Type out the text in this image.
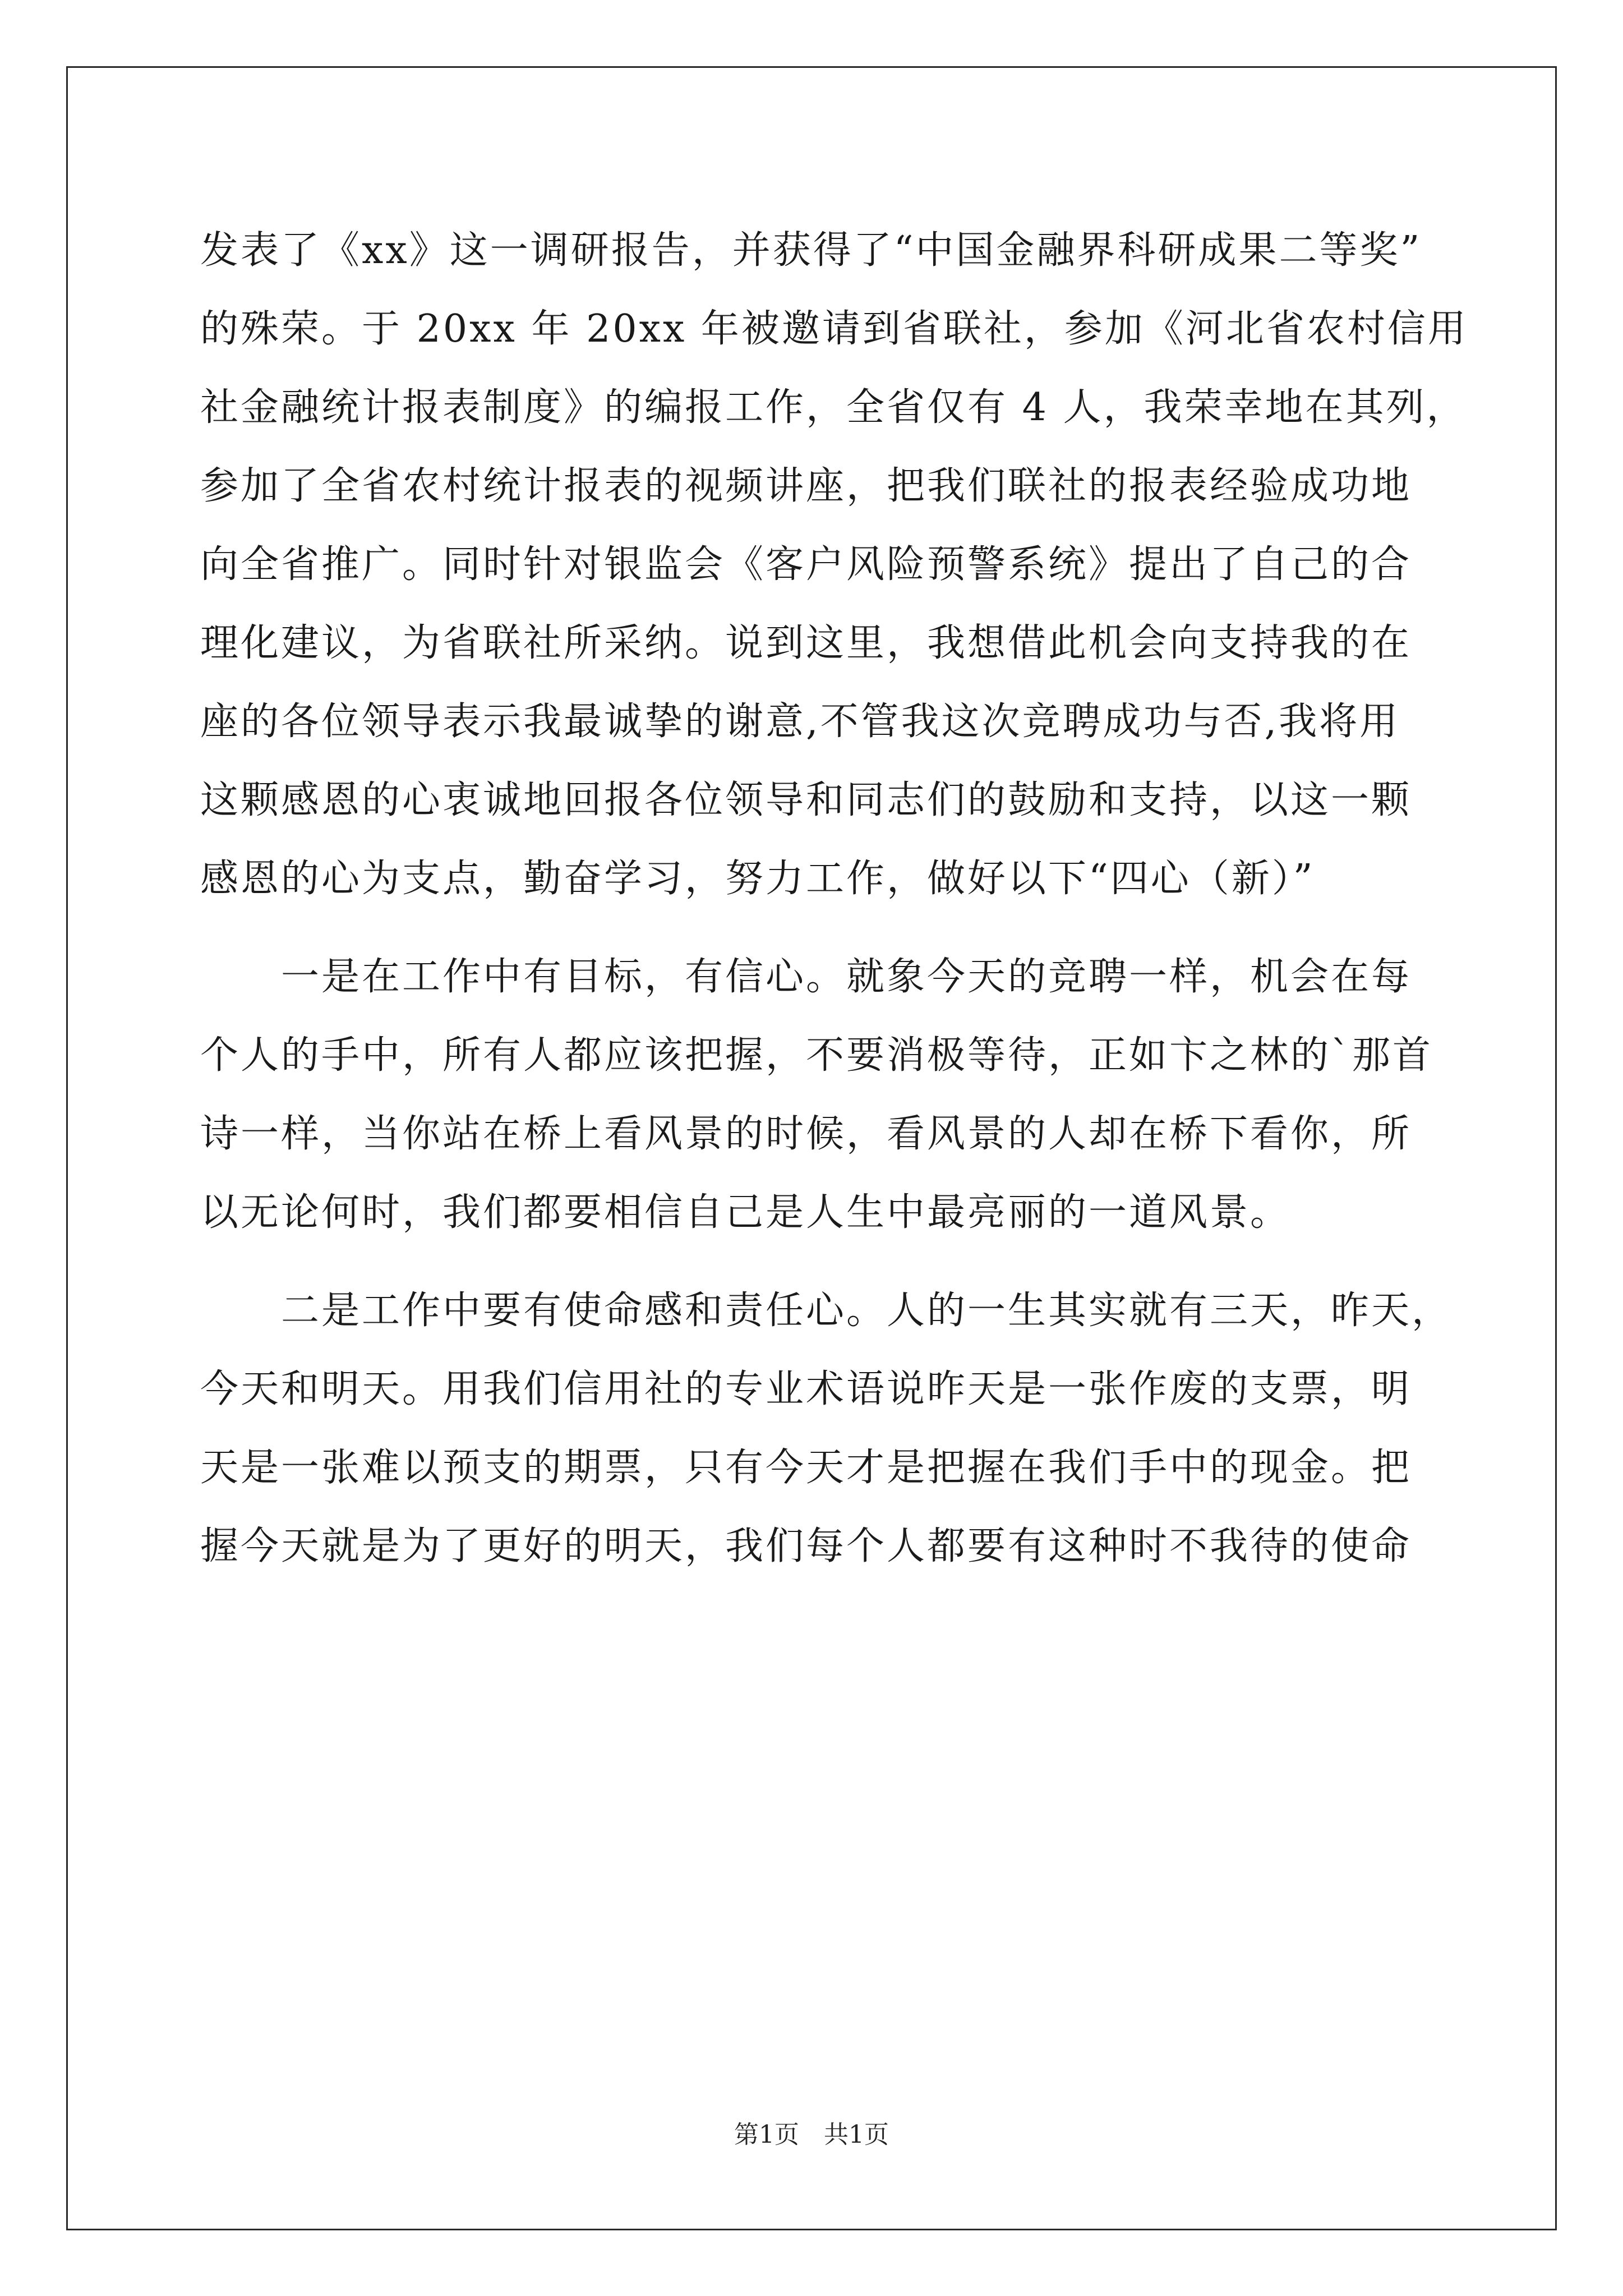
发表了《xx》这一调研报告，并获得了“中国金融界科研成果二等奖”
的殊荣。于 20xx 年 20xx 年被邀请到省联社，参加《河北省农村信用
社金融统计报表制度》的编报工作，全省仅有 4 人，我荣幸地在其列，
参加了全省农村统计报表的视频讲座，把我们联社的报表经验成功地
向全省推广。同时针对银监会《客户风险预警系统》提出了自己的合
理化建议，为省联社所采纳。说到这里，我想借此机会向支持我的在
座的各位领导表示我最诚挚的谢意,不管我这次竞聘成功与否,我将用
这颗感恩的心衷诚地回报各位领导和同志们的鼓励和支持，以这一颗
感恩的心为支点，勤奋学习，努力工作，做好以下“四心（新）”
　　一是在工作中有目标，有信心。就象今天的竞聘一样，机会在每
个人的手中，所有人都应该把握，不要消极等待，正如卞之林的`那首
诗一样，当你站在桥上看风景的时候，看风景的人却在桥下看你，所
以无论何时，我们都要相信自己是人生中最亮丽的一道风景。
　　二是工作中要有使命感和责任心。人的一生其实就有三天，昨天，
今天和明天。用我们信用社的专业术语说昨天是一张作废的支票，明
天是一张难以预支的期票，只有今天才是把握在我们手中的现金。把
握今天就是为了更好的明天，我们每个人都要有这种时不我待的使命
第1页　共1页
